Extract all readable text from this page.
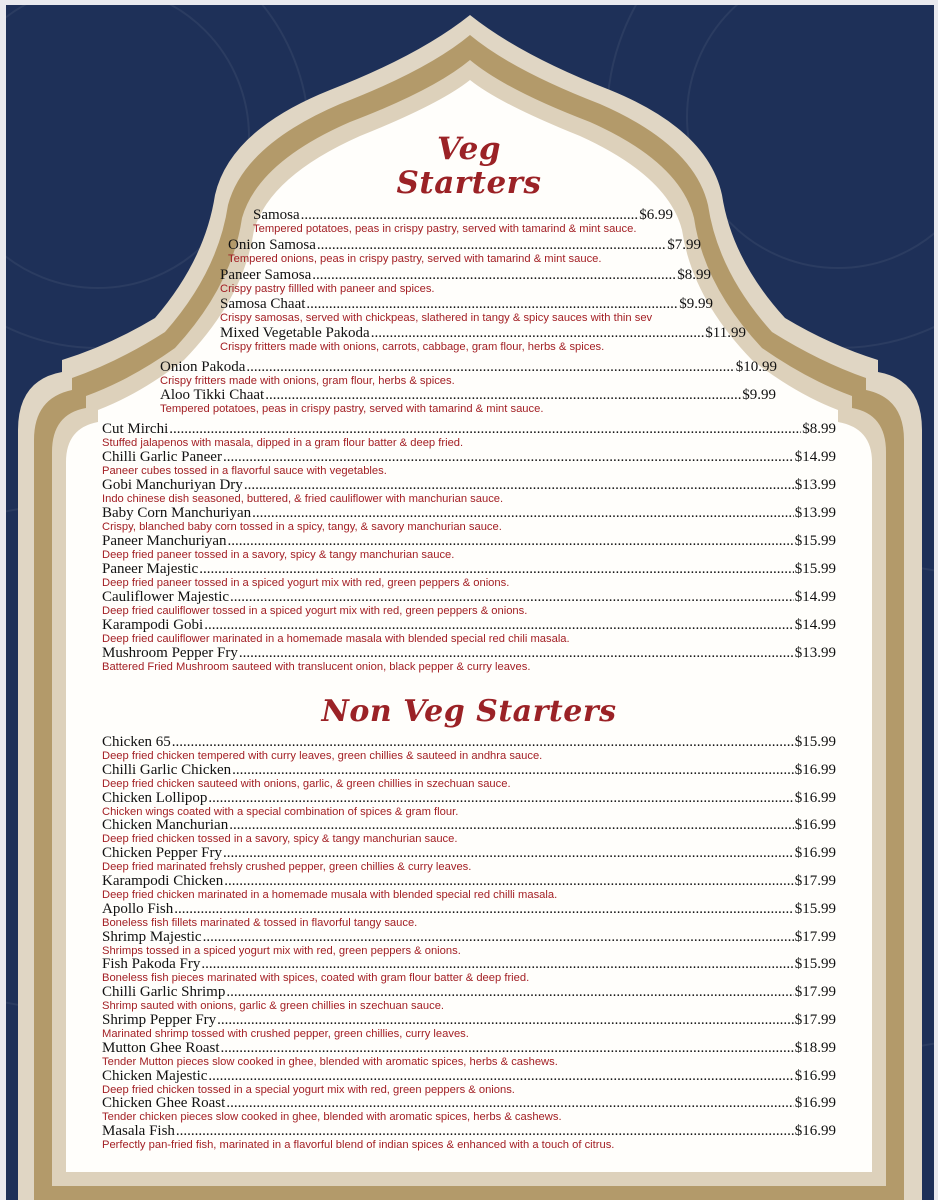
Veg
Starters
Samosa .....	$6.99
Tempered potatoes, peas in crispy pastry, served with tamarind & mint sauce.
Onion Samosa .....	$7.99
Tempered onions, peas in crispy pastry, served with tamarind & mint sauce.
Paneer Samosa .....	$8.99
Crispy pastry fillled with paneer and spices.
Samosa Chaat .....	$9.99
Crispy samosas, served with chickpeas, slathered in tangy & spicy sauces with thin sev
Mixed Vegetable Pakoda .....	$11.99
Crispy fritters made with onions, carrots, cabbage, gram flour, herbs & spices.
Onion Pakoda .....	$10.99
Crispy fritters made with onions, gram flour, herbs & spices.
Aloo Tikki Chaat .....	$9.99
Tempered potatoes, peas in crispy pastry, served with tamarind & mint sauce.
Cut Mirchi .....	$8.99
Stuffed jalapenos with masala, dipped in a gram flour batter & deep fried.
Chilli Garlic Paneer .....	$14.99
Paneer cubes tossed in a flavorful sauce with vegetables.
Gobi Manchuriyan Dry .....	$13.99
Indo chinese dish seasoned, buttered, & fried cauliflower with manchurian sauce.
Baby Corn Manchuriyan .....	$13.99
Crispy, blanched baby corn tossed in a spicy, tangy, & savory manchurian sauce.
Paneer Manchuriyan .....	$15.99
Deep fried paneer tossed in a savory, spicy & tangy manchurian sauce.
Paneer Majestic .....	$15.99
Deep fried paneer tossed in a spiced yogurt mix with red, green peppers & onions.
Cauliflower Majestic .....	$14.99
Deep fried cauliflower tossed in a spiced yogurt mix with red, green peppers & onions.
Karampodi Gobi .....	$14.99
Deep fried cauliflower marinated in a homemade masala with blended special red chili masala.
Mushroom Pepper Fry .....	$13.99
Battered Fried Mushroom sauteed with translucent onion, black pepper & curry leaves.
Non Veg Starters
Chicken 65 .....	$15.99
Deep fried chicken tempered with curry leaves, green chillies & sauteed in andhra sauce.
Chilli Garlic Chicken .....	$16.99
Deep fried chicken sauteed with onions, garlic, & green chillies in szechuan sauce.
Chicken Lollipop .....	$16.99
Chicken wings coated with a special combination of spices & gram flour.
Chicken Manchurian .....	$16.99
Deep fried chicken tossed in a savory, spicy & tangy manchurian sauce.
Chicken Pepper Fry .....	$16.99
Deep fried marinated frehsly crushed pepper, green chillies & curry leaves.
Karampodi Chicken .....	$17.99
Deep fried chicken marinated in a homemade musala with blended special red chilli masala.
Apollo Fish .....	$15.99
Boneless fish fillets marinated & tossed in flavorful tangy sauce.
Shrimp Majestic .....	$17.99
Shrimps tossed in a spiced yogurt mix with red, green peppers & onions.
Fish Pakoda Fry .....	$15.99
Boneless fish pieces marinated with spices, coated with gram flour batter & deep fried.
Chilli Garlic Shrimp .....	$17.99
Shrimp sauted with onions, garlic & green chillies in szechuan sauce.
Shrimp Pepper Fry .....	$17.99
Marinated shrimp tossed with crushed pepper, green chillies, curry leaves.
Mutton Ghee Roast .....	$18.99
Tender Mutton pieces slow cooked in ghee, blended with aromatic spices, herbs & cashews.
Chicken Majestic .....	$16.99
Deep fried chicken tossed in a special yogurt mix with red, green peppers & onions.
Chicken Ghee Roast .....	$16.99
Tender chicken pieces slow cooked in ghee, blended with aromatic spices, herbs & cashews.
Masala Fish .....	$16.99
Perfectly pan-fried fish, marinated in a flavorful blend of indian spices & enhanced with a touch of citrus.
